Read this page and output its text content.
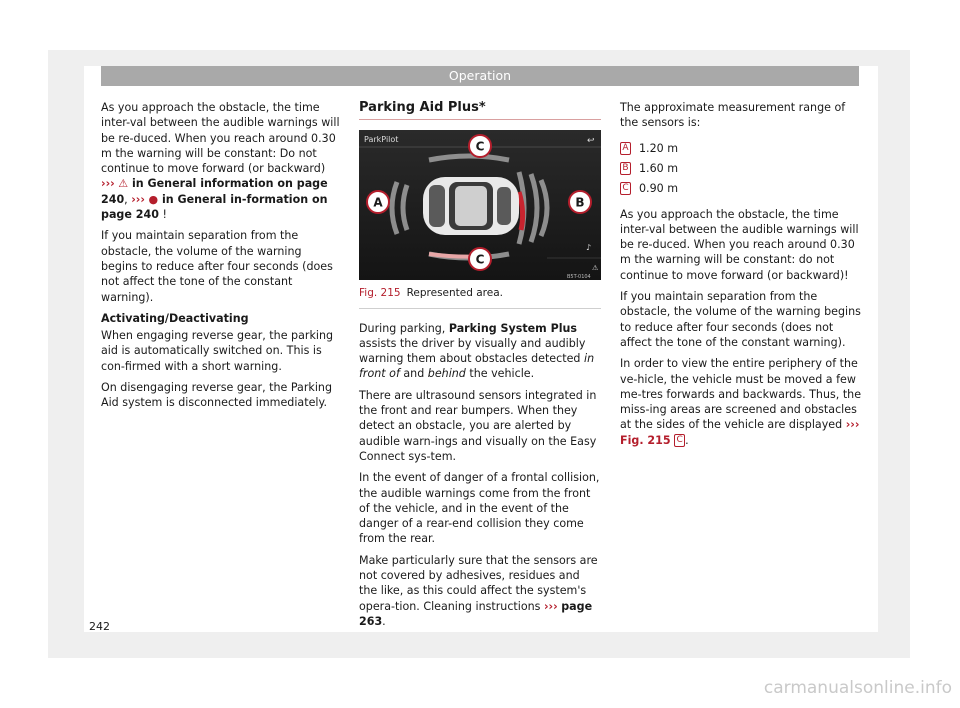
Operation

As you approach the obstacle, the time inter-val between the audible warnings will be re-duced. When you reach around 0.30 m the warning will be constant: Do not continue to move forward (or backward) ››› ⚠ in General information on page 240, ››› ● in General in-formation on page 240 !

If you maintain separation from the obstacle, the volume of the warning begins to reduce after four seconds (does not affect the tone of the constant warning).

Activating/Deactivating

When engaging reverse gear, the parking aid is automatically switched on. This is con-firmed with a short warning.

On disengaging reverse gear, the Parking Aid system is disconnected immediately.

Parking Aid Plus*
ParkPilot	↩
C
A	B
C
♪
⚠
B5T-0104
Fig. 215 Represented area.

During parking, Parking System Plus assists the driver by visually and audibly warning them about obstacles detected in front of and behind the vehicle.

There are ultrasound sensors integrated in the front and rear bumpers. When they detect an obstacle, you are alerted by audible warn-ings and visually on the Easy Connect sys-tem.

In the event of danger of a frontal collision, the audible warnings come from the front of the vehicle, and in the event of the danger of a rear-end collision they come from the rear.

Make particularly sure that the sensors are not covered by adhesives, residues and the like, as this could affect the system's opera-tion. Cleaning instructions ››› page 263.

The approximate measurement range of the sensors is:

A 1.20 m
B 1.60 m
C 0.90 m

As you approach the obstacle, the time inter-val between the audible warnings will be re-duced. When you reach around 0.30 m the warning will be constant: do not continue to move forward (or backward)!

If you maintain separation from the obstacle, the volume of the warning begins to reduce after four seconds (does not affect the tone of the constant warning).

In order to view the entire periphery of the ve-hicle, the vehicle must be moved a few me-tres forwards and backwards. Thus, the miss-ing areas are screened and obstacles at the sides of the vehicle are displayed ››› Fig. 215 C .

242
carmanualsonline.info
